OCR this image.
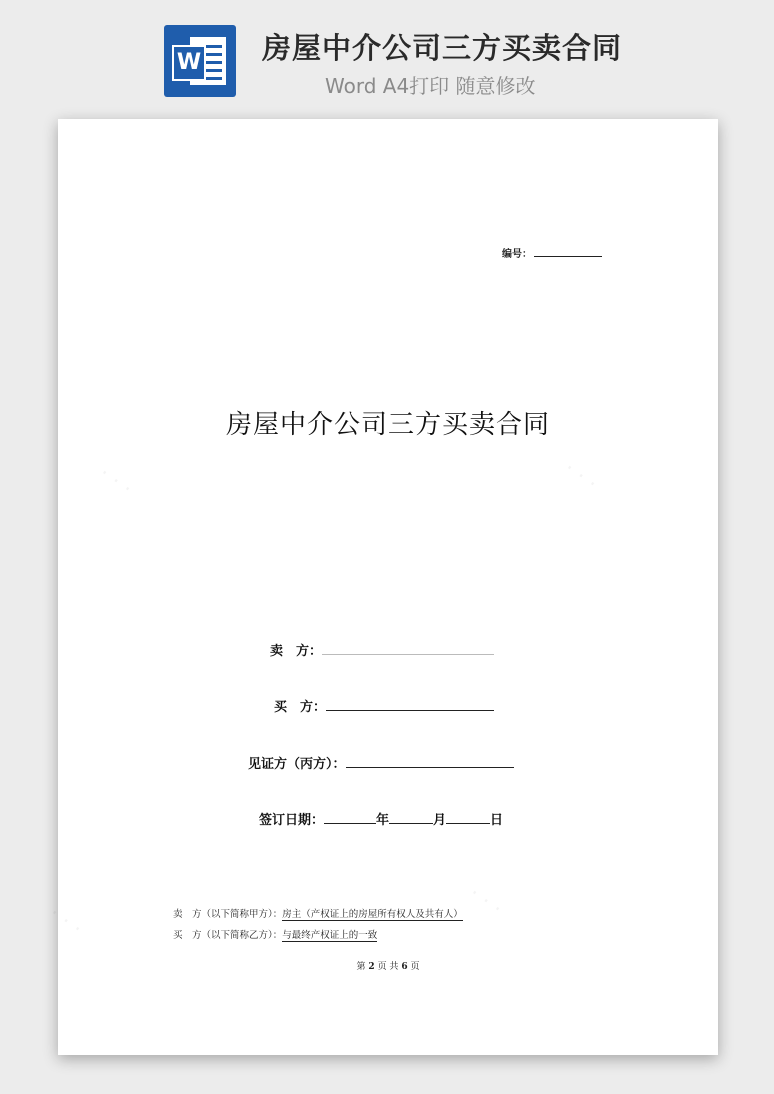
W 房屋中介公司三方买卖合同
Word A4打印 随意修改
编号：
房屋中介公司三方买卖合同
卖　方：
买　方：
见证方（丙方）：
签订日期：	年	月	日
卖　方（以下简称甲方）：房主（产权证上的房屋所有权人及共有人）
买　方（以下简称乙方）：与最终产权证上的一致
第 2 页 共 6 页
